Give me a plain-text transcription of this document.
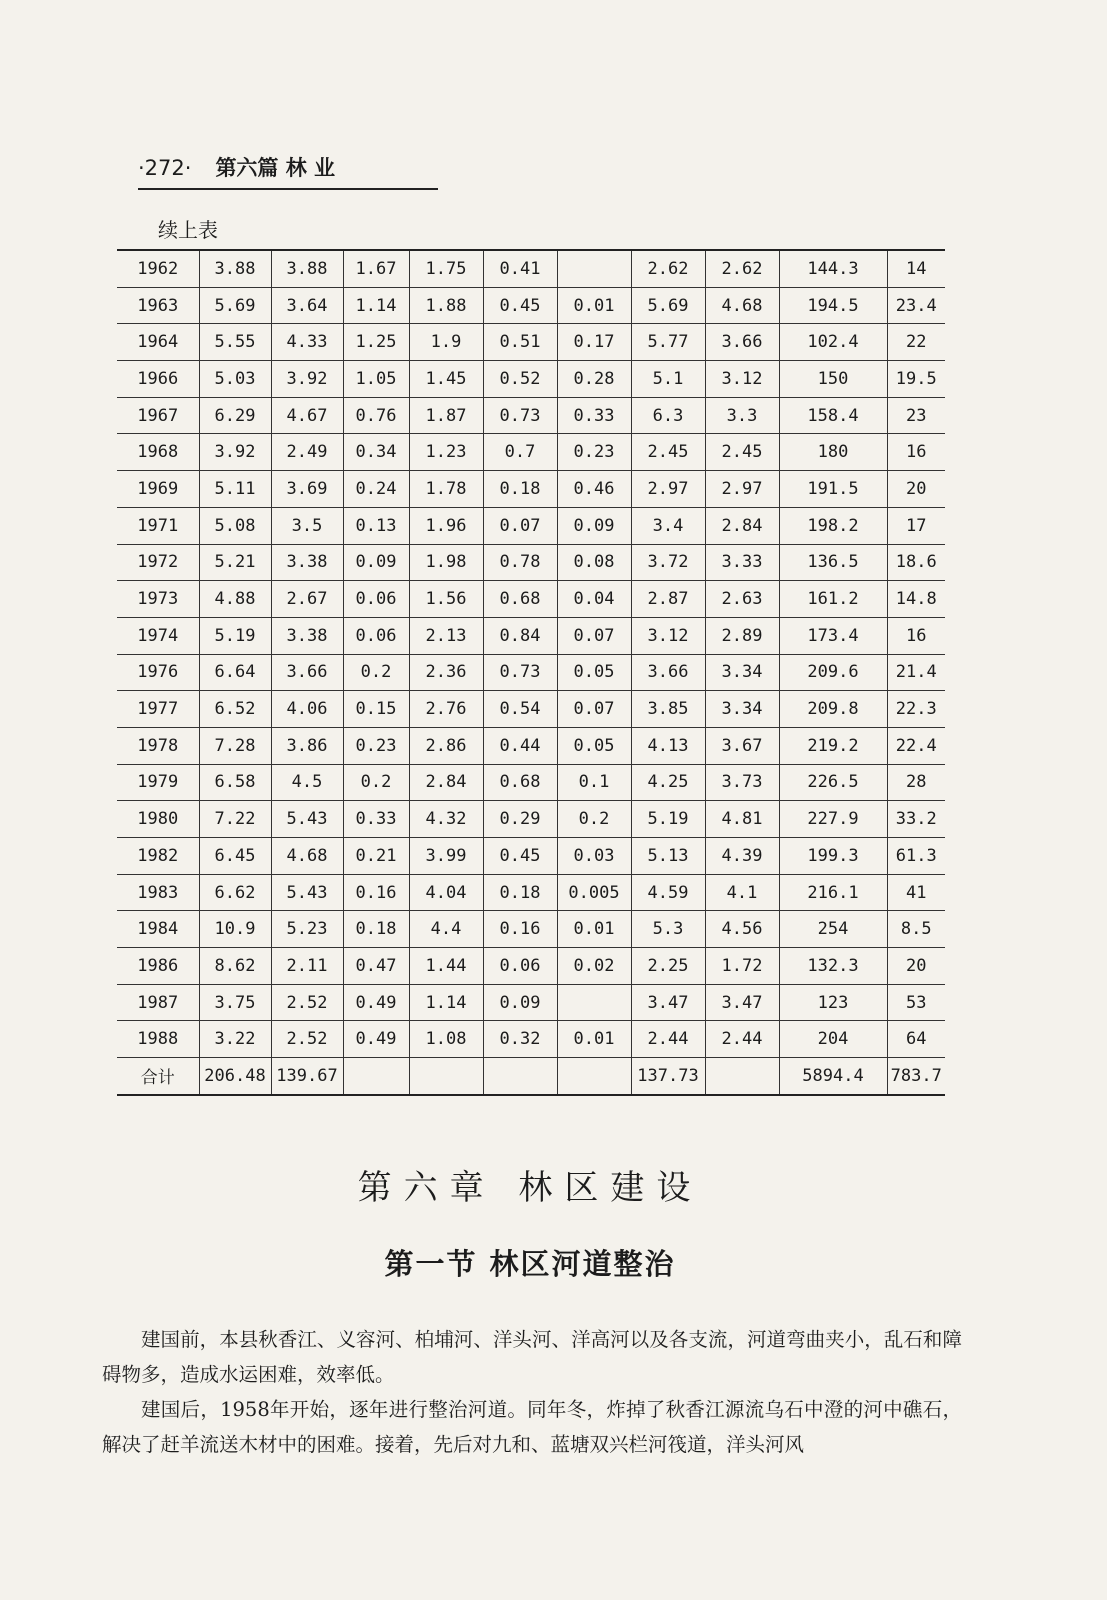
·272· 第六篇 林 业
续上表
1962	3.88	3.88	1.67	1.75	0.41		2.62	2.62	144.3	14
1963	5.69	3.64	1.14	1.88	0.45	0.01	5.69	4.68	194.5	23.4
1964	5.55	4.33	1.25	1.9	0.51	0.17	5.77	3.66	102.4	22
1966	5.03	3.92	1.05	1.45	0.52	0.28	5.1	3.12	150	19.5
1967	6.29	4.67	0.76	1.87	0.73	0.33	6.3	3.3	158.4	23
1968	3.92	2.49	0.34	1.23	0.7	0.23	2.45	2.45	180	16
1969	5.11	3.69	0.24	1.78	0.18	0.46	2.97	2.97	191.5	20
1971	5.08	3.5	0.13	1.96	0.07	0.09	3.4	2.84	198.2	17
1972	5.21	3.38	0.09	1.98	0.78	0.08	3.72	3.33	136.5	18.6
1973	4.88	2.67	0.06	1.56	0.68	0.04	2.87	2.63	161.2	14.8
1974	5.19	3.38	0.06	2.13	0.84	0.07	3.12	2.89	173.4	16
1976	6.64	3.66	0.2	2.36	0.73	0.05	3.66	3.34	209.6	21.4
1977	6.52	4.06	0.15	2.76	0.54	0.07	3.85	3.34	209.8	22.3
1978	7.28	3.86	0.23	2.86	0.44	0.05	4.13	3.67	219.2	22.4
1979	6.58	4.5	0.2	2.84	0.68	0.1	4.25	3.73	226.5	28
1980	7.22	5.43	0.33	4.32	0.29	0.2	5.19	4.81	227.9	33.2
1982	6.45	4.68	0.21	3.99	0.45	0.03	5.13	4.39	199.3	61.3
1983	6.62	5.43	0.16	4.04	0.18	0.005	4.59	4.1	216.1	41
1984	10.9	5.23	0.18	4.4	0.16	0.01	5.3	4.56	254	8.5
1986	8.62	2.11	0.47	1.44	0.06	0.02	2.25	1.72	132.3	20
1987	3.75	2.52	0.49	1.14	0.09		3.47	3.47	123	53
1988	3.22	2.52	0.49	1.08	0.32	0.01	2.44	2.44	204	64
合计	206.48	139.67					137.73		5894.4	783.7
第六章 林区建设
第一节 林区河道整治

建国前，本县秋香江、义容河、柏埔河、洋头河、洋高河以及各支流，河道弯曲夹小，乱石和障碍物多，造成水运困难，效率低。

建国后，1958年开始，逐年进行整治河道。同年冬，炸掉了秋香江源流乌石中澄的河中礁石，解决了赶羊流送木材中的困难。接着，先后对九和、蓝塘双兴栏河筏道，洋头河风
